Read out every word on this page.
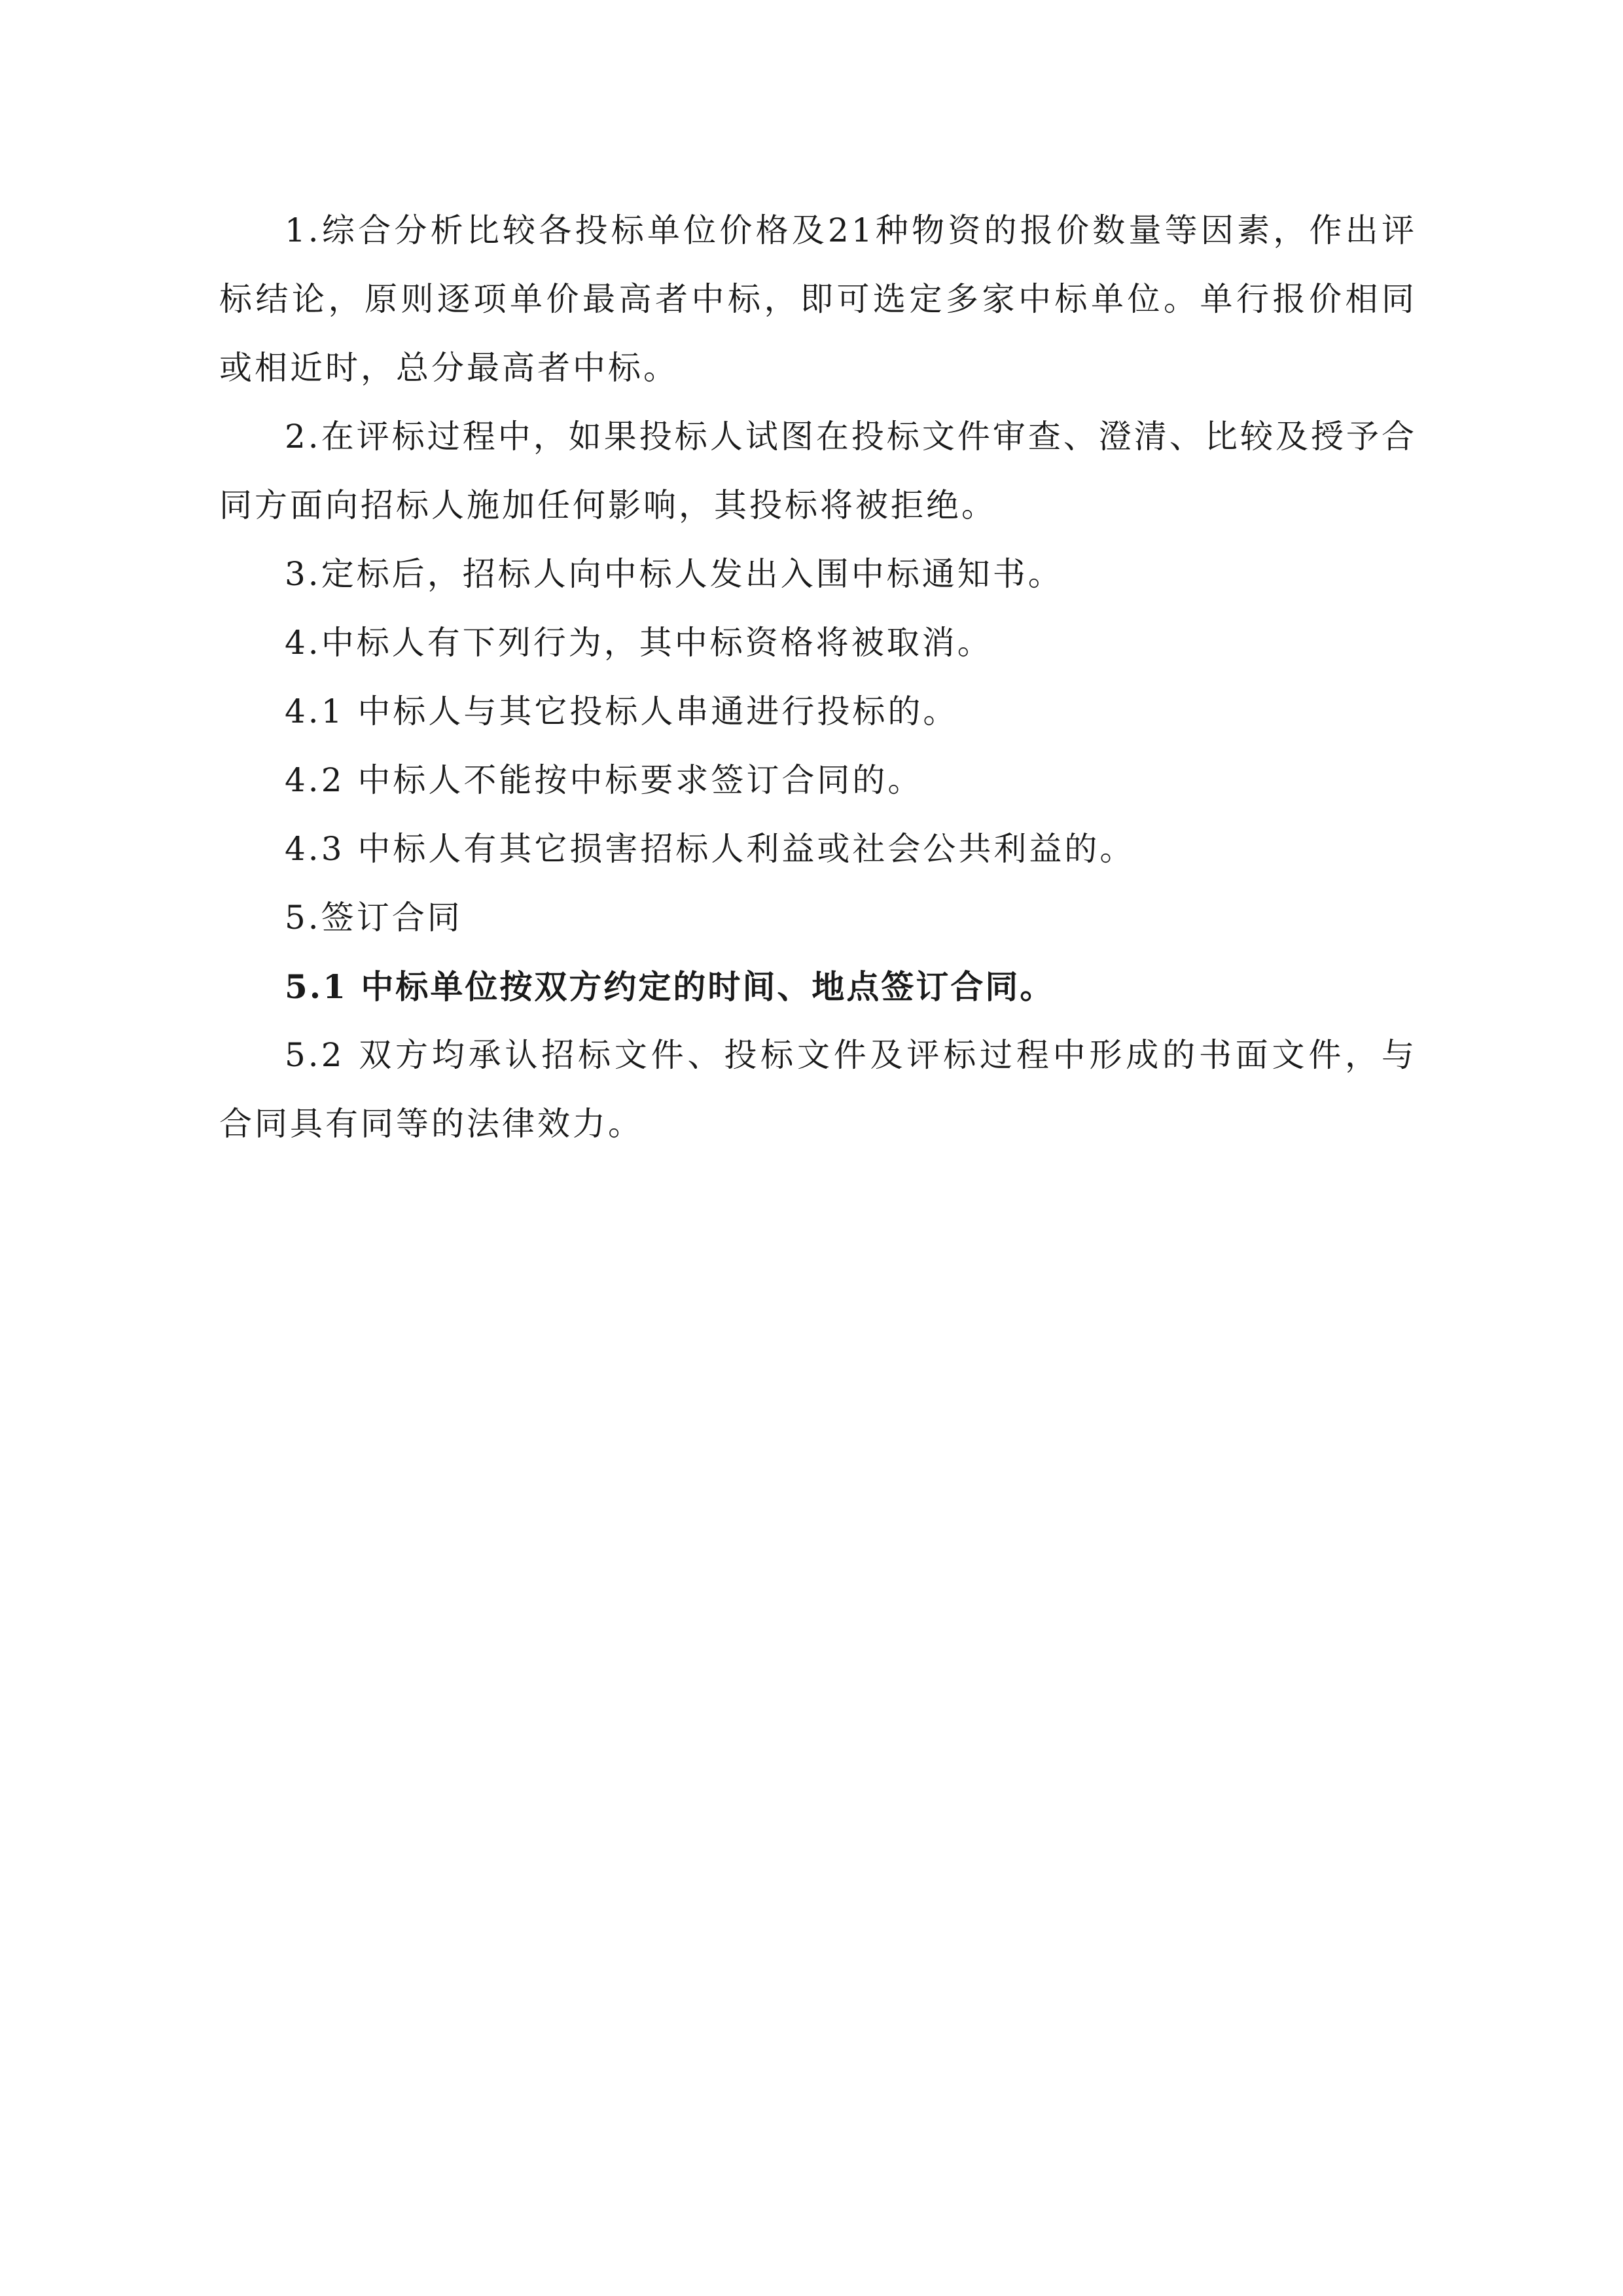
1.综合分析比较各投标单位价格及21种物资的报价数量等因素，作出评标结论，原则逐项单价最高者中标，即可选定多家中标单位。单行报价相同或相近时，总分最高者中标。

2.在评标过程中，如果投标人试图在投标文件审查、澄清、比较及授予合同方面向招标人施加任何影响，其投标将被拒绝。

3.定标后，招标人向中标人发出入围中标通知书。

4.中标人有下列行为，其中标资格将被取消。

4.1 中标人与其它投标人串通进行投标的。

4.2 中标人不能按中标要求签订合同的。

4.3 中标人有其它损害招标人利益或社会公共利益的。

5.签订合同

5.1 中标单位按双方约定的时间、地点签订合同。

5.2 双方均承认招标文件、投标文件及评标过程中形成的书面文件，与合同具有同等的法律效力。
